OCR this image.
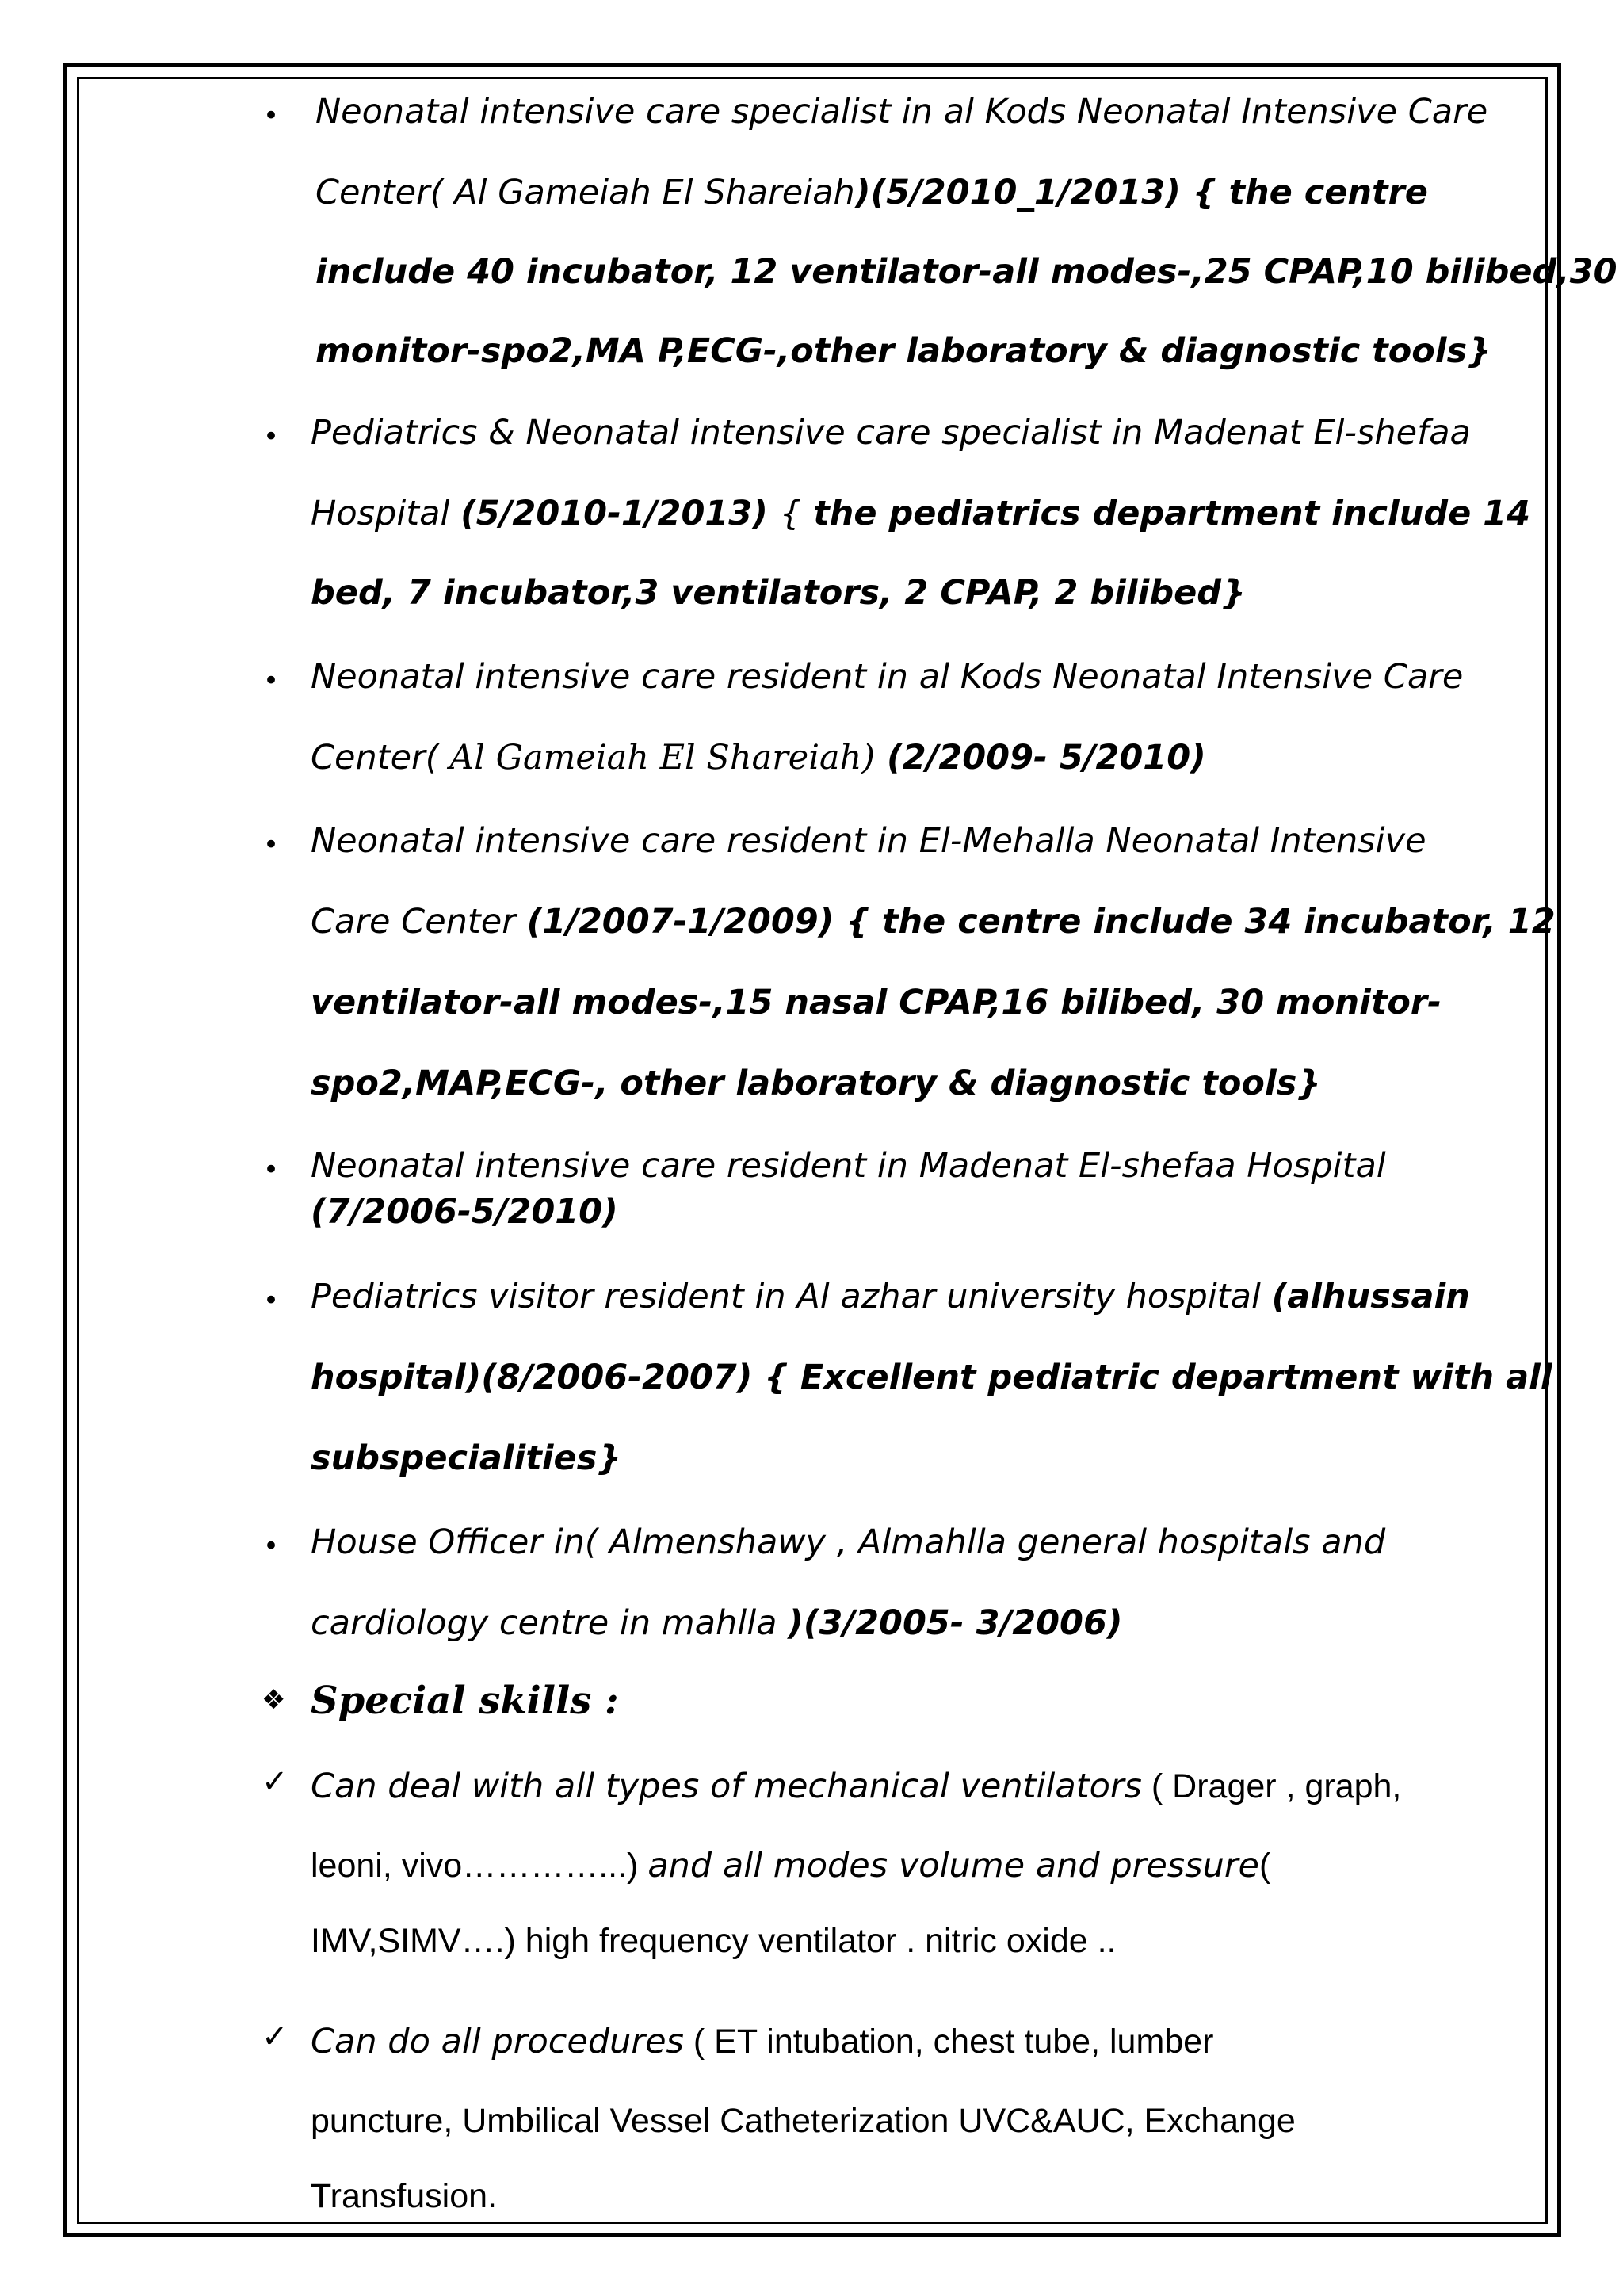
• Neonatal intensive care specialist in al Kods Neonatal Intensive Care
Center( Al Gameiah El Shareiah)(5/2010_1/2013) { the centre
include 40 incubator, 12 ventilator-all modes-,25 CPAP,10 bilibed,30
monitor-spo2,MA P,ECG-,other laboratory & diagnostic tools}
• Pediatrics & Neonatal intensive care specialist in Madenat El-shefaa
Hospital (5/2010-1/2013) { the pediatrics department include 14
bed, 7 incubator,3 ventilators, 2 CPAP, 2 bilibed}
• Neonatal intensive care resident in al Kods Neonatal Intensive Care
Center( Al Gameiah El Shareiah) (2/2009- 5/2010)
• Neonatal intensive care resident in El-Mehalla Neonatal Intensive
Care Center (1/2007-1/2009) { the centre include 34 incubator, 12
ventilator-all modes-,15 nasal CPAP,16 bilibed, 30 monitor-
spo2,MAP,ECG-, other laboratory & diagnostic tools}
• Neonatal intensive care resident in Madenat El-shefaa Hospital
(7/2006-5/2010)
• Pediatrics visitor resident in Al azhar university hospital (alhussain
hospital)(8/2006-2007) { Excellent pediatric department with all
subspecialities}
• House Officer in( Almenshawy , Almahlla general hospitals and
cardiology centre in mahlla )(3/2005- 3/2006)
❖ Special skills :
✓ Can deal with all types of mechanical ventilators ( Drager , graph,
leoni, vivo…………...) and all modes volume and pressure(
IMV,SIMV….) high frequency ventilator . nitric oxide ..
✓ Can do all procedures ( ET intubation, chest tube, lumber
puncture, Umbilical Vessel Catheterization UVC&AUC, Exchange
Transfusion.
